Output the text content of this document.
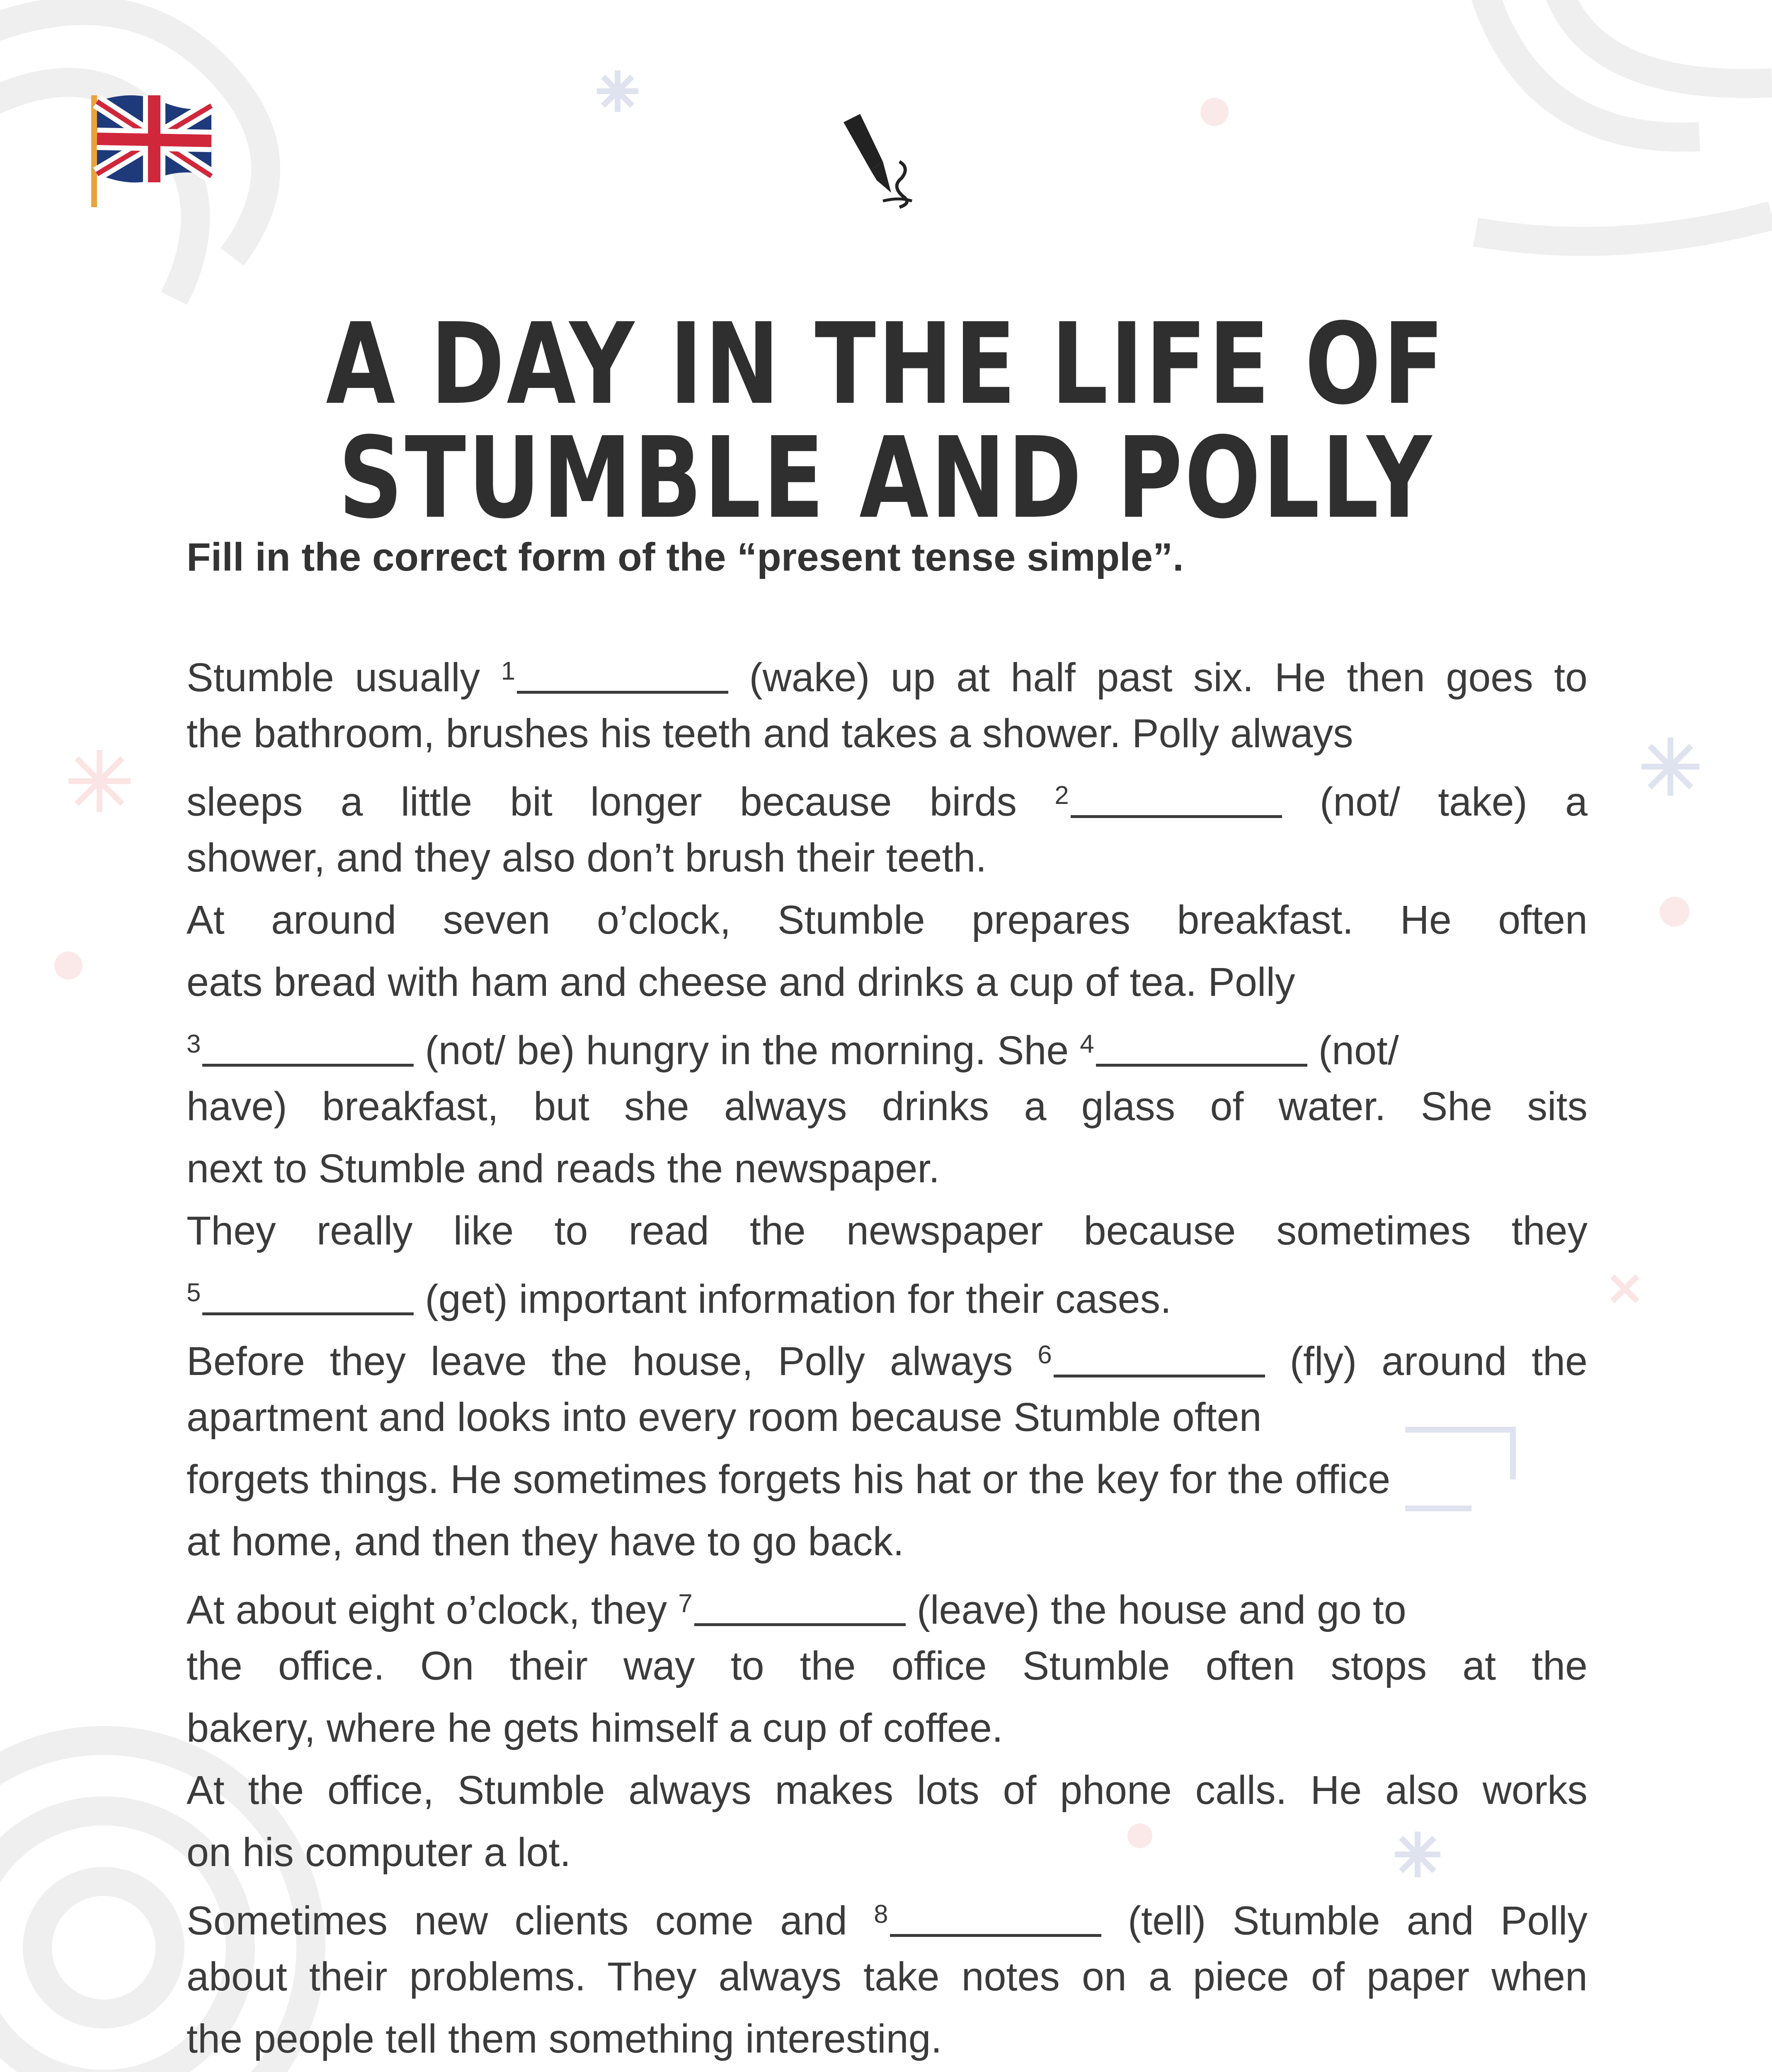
A DAY IN THE LIFE OF STUMBLE AND POLLY
Fill in the correct form of the “present tense simple”.
Stumble usually $^1$	(wake) up at half past six. He then goes to
the bathroom, brushes his teeth and takes a shower. Polly always
sleeps a little bit longer because birds $^2$	(not/ take) a
shower, and they also don’t brush their teeth.
At around seven o’clock, Stumble prepares breakfast. He often
eats bread with ham and cheese and drinks a cup of tea. Polly
$^3$	(not/ be) hungry in the morning. She $^4$	(not/
have) breakfast, but she always drinks a glass of water. She sits
next to Stumble and reads the newspaper.
They really like to read the newspaper because sometimes they
$^5$	(get) important information for their cases.
Before they leave the house, Polly always $^6$	(fly) around the
apartment and looks into every room because Stumble often
forgets things. He sometimes forgets his hat or the key for the office
at home, and then they have to go back.
At about eight o’clock, they $^7$	(leave) the house and go to
the office. On their way to the office Stumble often stops at the
bakery, where he gets himself a cup of coffee.
At the office, Stumble always makes lots of phone calls. He also works
on his computer a lot.
Sometimes new clients come and $^8$	(tell) Stumble and Polly
about their problems. They always take notes on a piece of paper when
the people tell them something interesting.
